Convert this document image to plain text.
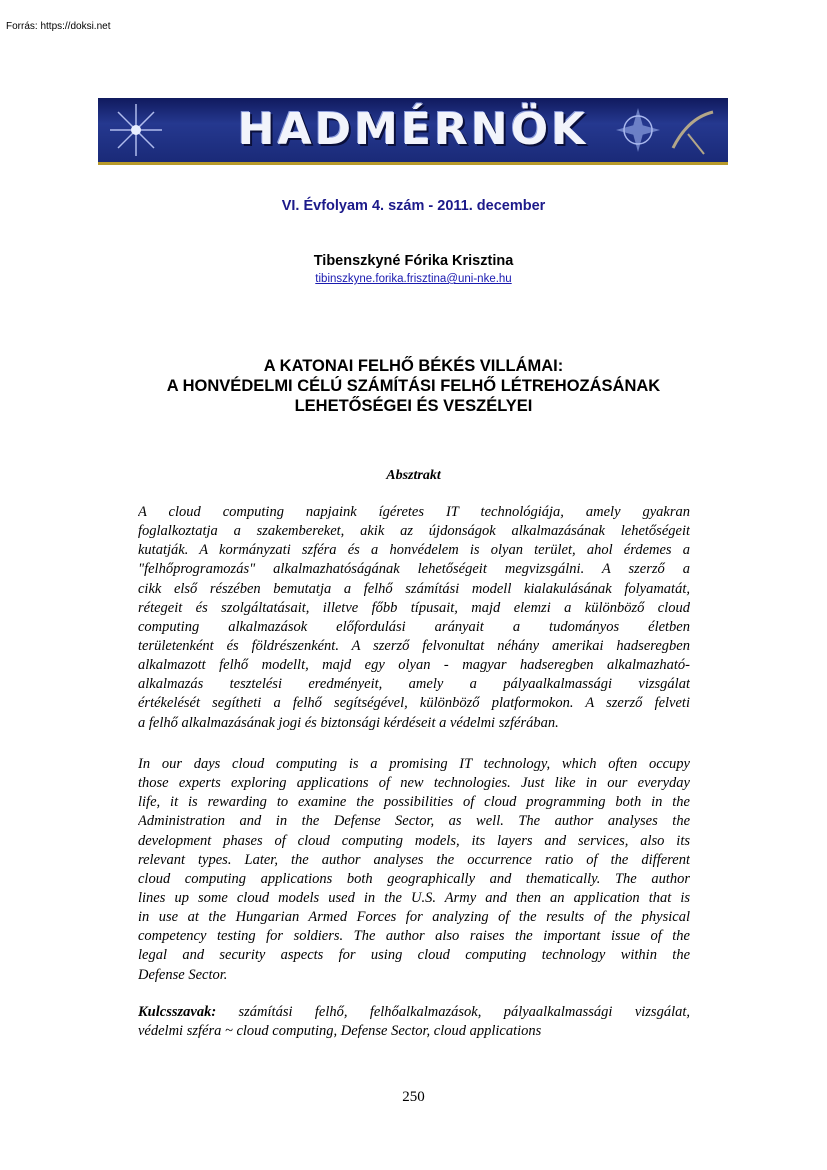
Forrás: https://doksi.net
HADMÉRNÖK
VI. Évfolyam 4. szám - 2011. december
Tibenszkyné Fórika Krisztina
tibinszkyne.forika.frisztina@uni-nke.hu
A KATONAI FELHŐ BÉKÉS VILLÁMAI:
A HONVÉDELMI CÉLÚ SZÁMÍTÁSI FELHŐ LÉTREHOZÁSÁNAK
LEHETŐSÉGEI ÉS VESZÉLYEI
Absztrakt
A cloud computing napjaink ígéretes IT technológiája, amely gyakran
foglalkoztatja a szakembereket, akik az újdonságok alkalmazásának lehetőségeit
kutatják. A kormányzati szféra és a honvédelem is olyan terület, ahol érdemes a
"felhőprogramozás" alkalmazhatóságának lehetőségeit megvizsgálni. A szerző a
cikk első részében bemutatja a felhő számítási modell kialakulásának folyamatát,
rétegeit és szolgáltatásait, illetve főbb típusait, majd elemzi a különböző cloud
computing alkalmazások előfordulási arányait a tudományos életben
területenként és földrészenként. A szerző felvonultat néhány amerikai hadseregben
alkalmazott felhő modellt, majd egy olyan - magyar hadseregben alkalmazható-
alkalmazás tesztelési eredményeit, amely a pályaalkalmassági vizsgálat
értékelését segítheti a felhő segítségével, különböző platformokon. A szerző felveti
a felhő alkalmazásának jogi és biztonsági kérdéseit a védelmi szférában.
In our days cloud computing is a promising IT technology, which often occupy
those experts exploring applications of new technologies. Just like in our everyday
life, it is rewarding to examine the possibilities of cloud programming both in the
Administration and in the Defense Sector, as well. The author analyses the
development phases of cloud computing models, its layers and services, also its
relevant types. Later, the author analyses the occurrence ratio of the different
cloud computing applications both geographically and thematically. The author
lines up some cloud models used in the U.S. Army and then an application that is
in use at the Hungarian Armed Forces for analyzing of the results of the physical
competency testing for soldiers. The author also raises the important issue of the
legal and security aspects for using cloud computing technology within the
Defense Sector.
Kulcsszavak: számítási felhő, felhőalkalmazások, pályaalkalmassági vizsgálat,
védelmi szféra ~ cloud computing, Defense Sector, cloud applications
250
